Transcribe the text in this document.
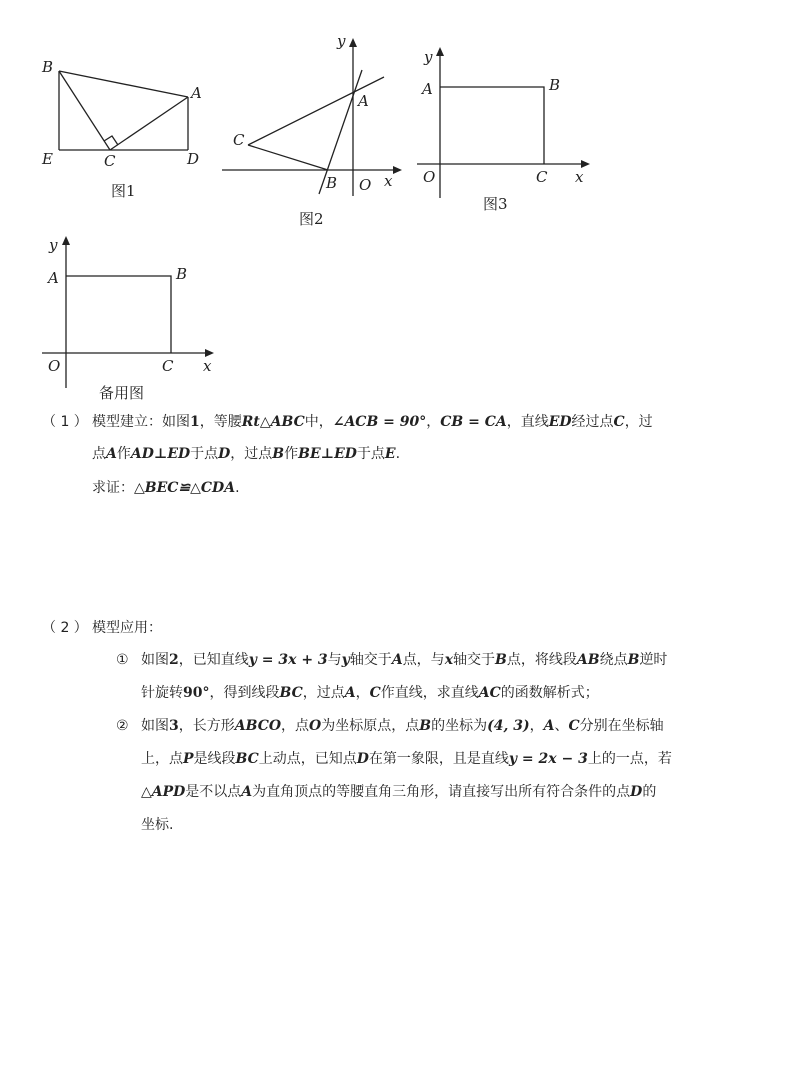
B
A
E	C	D
图1
y
A
C
B O x
图2
y
A	B
O	C x
图3
y
A	B
O	C x
备用图
（ 1 ） 模型建立：如图1，等腰Rt△ABC中，∠ACB = 90°，CB = CA，直线ED经过点C，过
点A作AD⊥ED于点D，过点B作BE⊥ED于点E.
求证：△BEC≌△CDA.
（ 2 ） 模型应用：
① 如图2，已知直线y = 3x + 3与y轴交于A点，与x轴交于B点，将线段AB绕点B逆时
针旋转90°，得到线段BC，过点A，C作直线，求直线AC的函数解析式；
② 如图3，长方形ABCO，点O为坐标原点，点B的坐标为(4, 3)，A、C分别在坐标轴
上，点P是线段BC上动点，已知点D在第一象限，且是直线y = 2x − 3上的一点，若
△APD是不以点A为直角顶点的等腰直角三角形，请直接写出所有符合条件的点D的
坐标.
